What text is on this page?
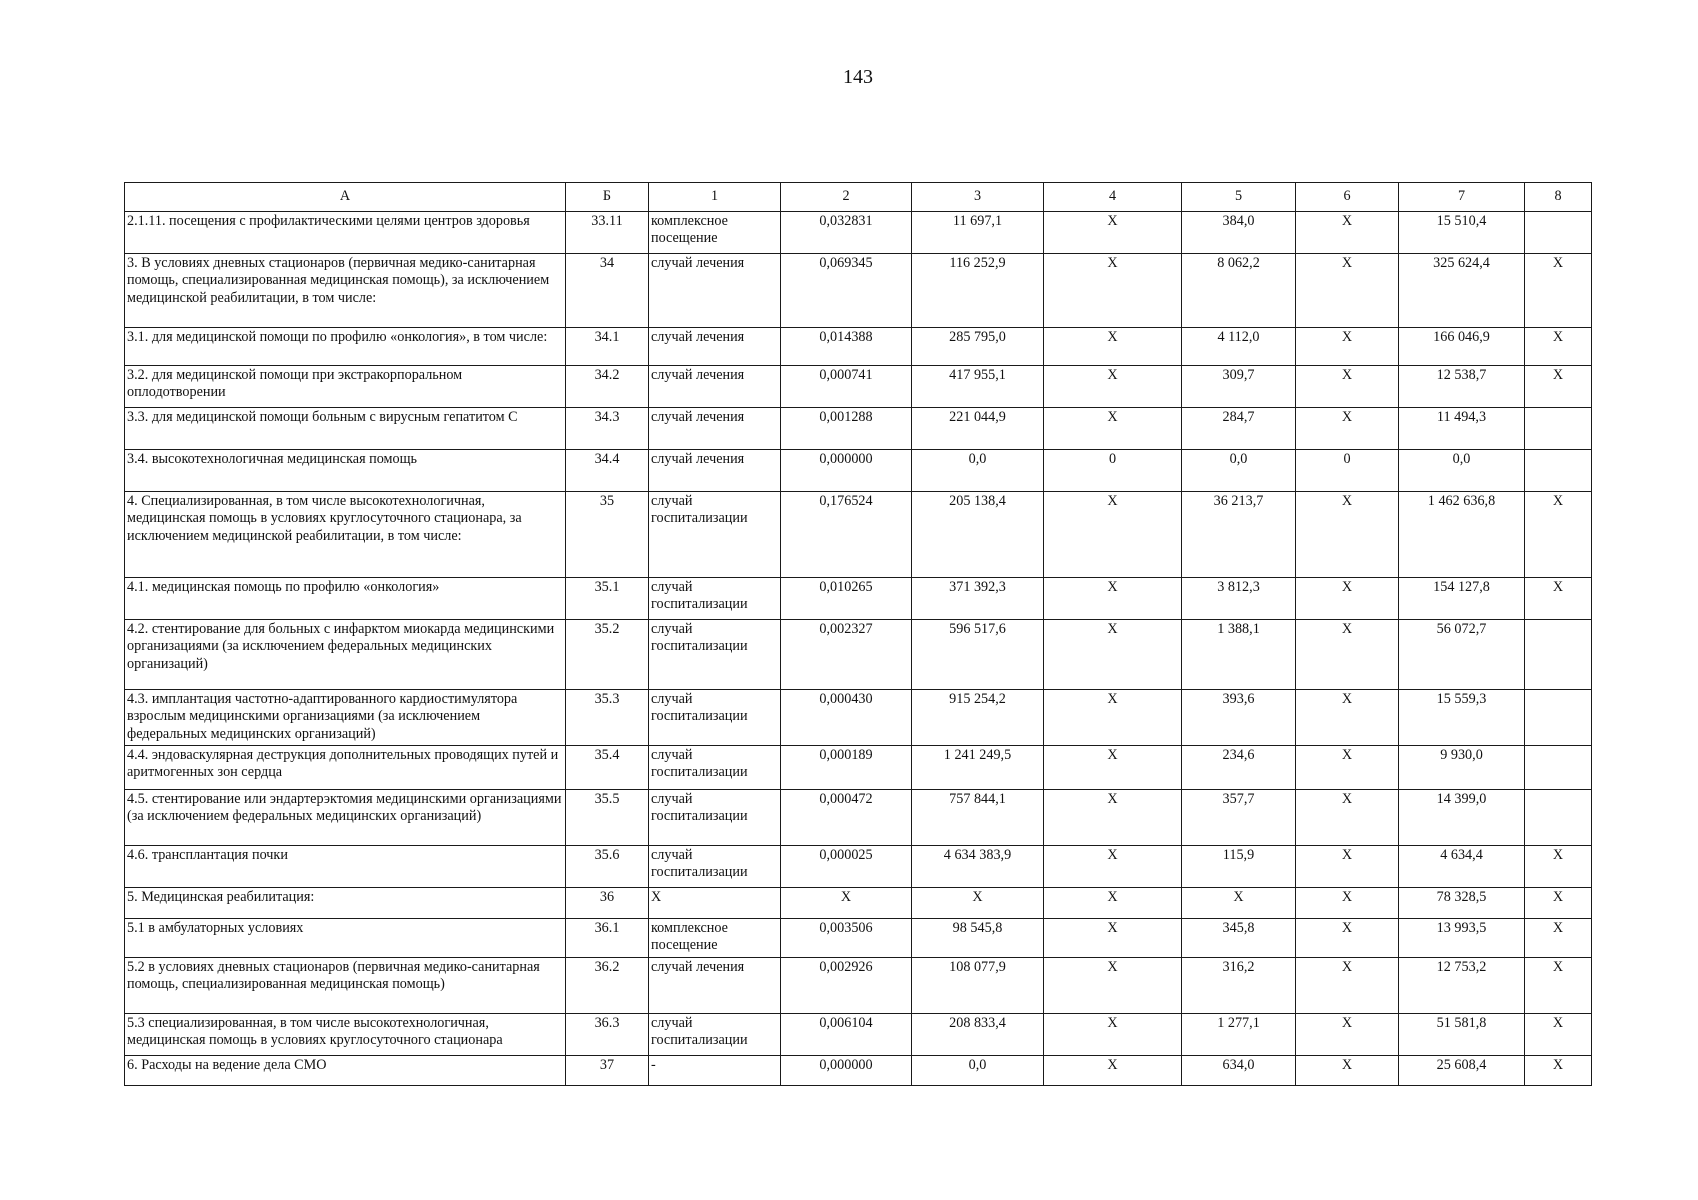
143
А	Б	1	2	3	4	5	6	7	8
2.1.11. посещения с профилактическими целями центров здоровья	33.11	комплексное посещение	0,032831	11 697,1	Х	384,0	Х	15 510,4	
3. В условиях дневных стационаров (первичная медико-санитарная помощь, специализированная медицинская помощь), за исключением медицинской реабилитации, в том числе:	34	случай лечения	0,069345	116 252,9	Х	8 062,2	Х	325 624,4	Х
3.1. для медицинской помощи по профилю «онкология», в том числе:	34.1	случай лечения	0,014388	285 795,0	Х	4 112,0	Х	166 046,9	Х
3.2. для медицинской помощи при экстракорпоральном оплодотворении	34.2	случай лечения	0,000741	417 955,1	Х	309,7	Х	12 538,7	Х
3.3. для медицинской помощи больным с вирусным гепатитом С	34.3	случай лечения	0,001288	221 044,9	Х	284,7	Х	11 494,3	
3.4. высокотехнологичная медицинская помощь	34.4	случай лечения	0,000000	0,0	0	0,0	0	0,0	
4. Специализированная, в том числе высокотехнологичная, медицинская помощь в условиях круглосуточного стационара, за исключением медицинской реабилитации, в том числе:	35	случай госпитализации	0,176524	205 138,4	Х	36 213,7	Х	1 462 636,8	Х
4.1. медицинская помощь по профилю «онкология»	35.1	случай госпитализации	0,010265	371 392,3	Х	3 812,3	Х	154 127,8	Х
4.2. стентирование для больных с инфарктом миокарда медицинскими организациями (за исключением федеральных медицинских организаций)	35.2	случай госпитализации	0,002327	596 517,6	Х	1 388,1	Х	56 072,7	
4.3. имплантация частотно-адаптированного кардиостимулятора взрослым медицинскими организациями (за исключением федеральных медицинских организаций)	35.3	случай госпитализации	0,000430	915 254,2	Х	393,6	Х	15 559,3	
4.4. эндоваскулярная деструкция дополнительных проводящих путей и аритмогенных зон сердца	35.4	случай госпитализации	0,000189	1 241 249,5	Х	234,6	Х	9 930,0	
4.5. стентирование или эндартерэктомия медицинскими организациями (за исключением федеральных медицинских организаций)	35.5	случай госпитализации	0,000472	757 844,1	Х	357,7	Х	14 399,0	
4.6. трансплантация почки	35.6	случай госпитализации	0,000025	4 634 383,9	Х	115,9	Х	4 634,4	Х
5. Медицинская реабилитация:	36	Х	Х	Х	Х	Х	Х	78 328,5	Х
5.1 в амбулаторных условиях	36.1	комплексное посещение	0,003506	98 545,8	Х	345,8	Х	13 993,5	Х
5.2 в условиях дневных стационаров (первичная медико-санитарная помощь, специализированная медицинская помощь)	36.2	случай лечения	0,002926	108 077,9	Х	316,2	Х	12 753,2	Х
5.3 специализированная, в том числе высокотехнологичная, медицинская помощь в условиях круглосуточного стационара	36.3	случай госпитализации	0,006104	208 833,4	Х	1 277,1	Х	51 581,8	Х
6. Расходы на ведение дела СМО	37	-	0,000000	0,0	Х	634,0	Х	25 608,4	Х
